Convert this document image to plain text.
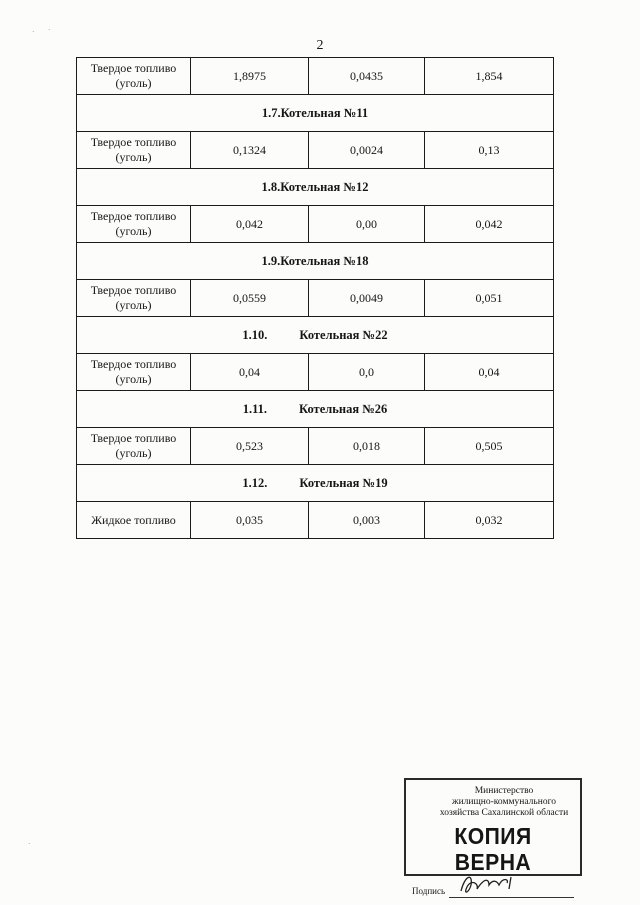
2
Твердое топливо
(уголь)	1,8975	0,0435	1,854
1.7.Котельная №11			

Твердое топливо
(уголь)	0,1324	0,0024	0,13
1.8.Котельная №12			

Твердое топливо
(уголь)	0,042	0,00	0,042
1.9.Котельная №18			

Твердое топливо
(уголь)	0,0559	0,0049	0,051
1.10. Котельная №22			

Твердое топливо
(уголь)	0,04	0,0	0,04
1.11. Котельная №26			

Твердое топливо
(уголь)	0,523	0,018	0,505
1.12. Котельная №19			

Жидкое топливо	0,035	0,003	0,032
· ·
·
Министерство
жилищно-коммунального
хозяйства Сахалинской области
КОПИЯ ВЕРНА
Подпись
